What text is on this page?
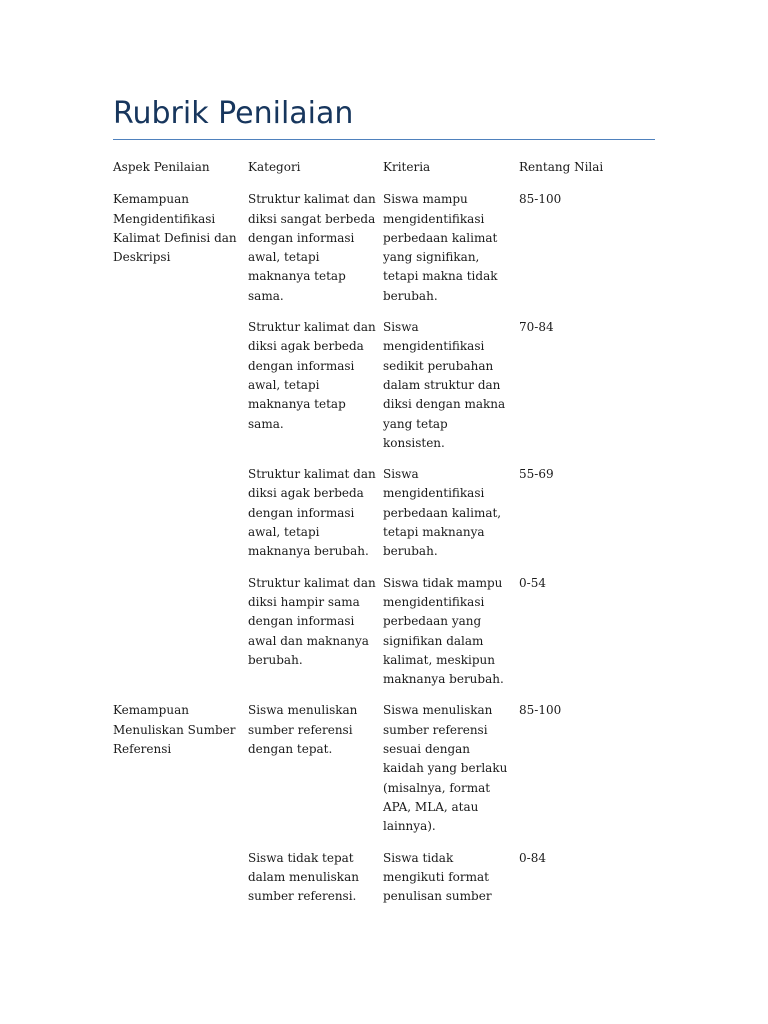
Rubrik Penilaian
Aspek Penilaian	Kategori	Kriteria	Rentang Nilai
Kemampuan Mengidentifikasi Kalimat Definisi dan Deskripsi	Struktur kalimat dan diksi sangat berbeda dengan informasi awal, tetapi maknanya tetap sama.	Siswa mampu mengidentifikasi perbedaan kalimat yang signifikan, tetapi makna tidak berubah.	85-100
	Struktur kalimat dan diksi agak berbeda dengan informasi awal, tetapi maknanya tetap sama.	Siswa mengidentifikasi sedikit perubahan dalam struktur dan diksi dengan makna yang tetap konsisten.	70-84
	Struktur kalimat dan diksi agak berbeda dengan informasi awal, tetapi maknanya berubah.	Siswa mengidentifikasi perbedaan kalimat, tetapi maknanya berubah.	55-69
	Struktur kalimat dan diksi hampir sama dengan informasi awal dan maknanya berubah.	Siswa tidak mampu mengidentifikasi perbedaan yang signifikan dalam kalimat, meskipun maknanya berubah.	0-54
Kemampuan Menuliskan Sumber Referensi	Siswa menuliskan sumber referensi dengan tepat.	Siswa menuliskan sumber referensi sesuai dengan kaidah yang berlaku (misalnya, format APA, MLA, atau lainnya).	85-100
	Siswa tidak tepat dalam menuliskan sumber referensi.	Siswa tidak mengikuti format penulisan sumber	0-84
